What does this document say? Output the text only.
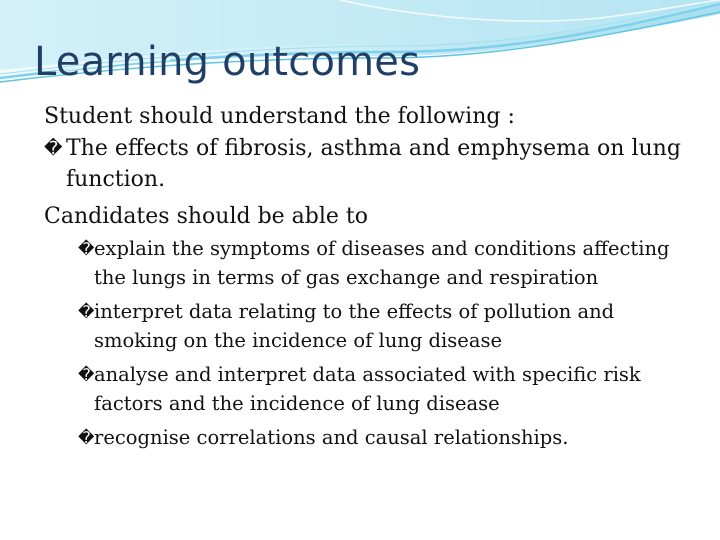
Learning outcomes

Student should understand the following :

� The effects of fibrosis, asthma and emphysema on lung function.

Candidates should be able to

� explain the symptoms of diseases and conditions affecting the lungs in terms of gas exchange and respiration
� interpret data relating to the effects of pollution and smoking on the incidence of lung disease
� analyse and interpret data associated with specific risk factors and the incidence of lung disease
� recognise correlations and causal relationships.
